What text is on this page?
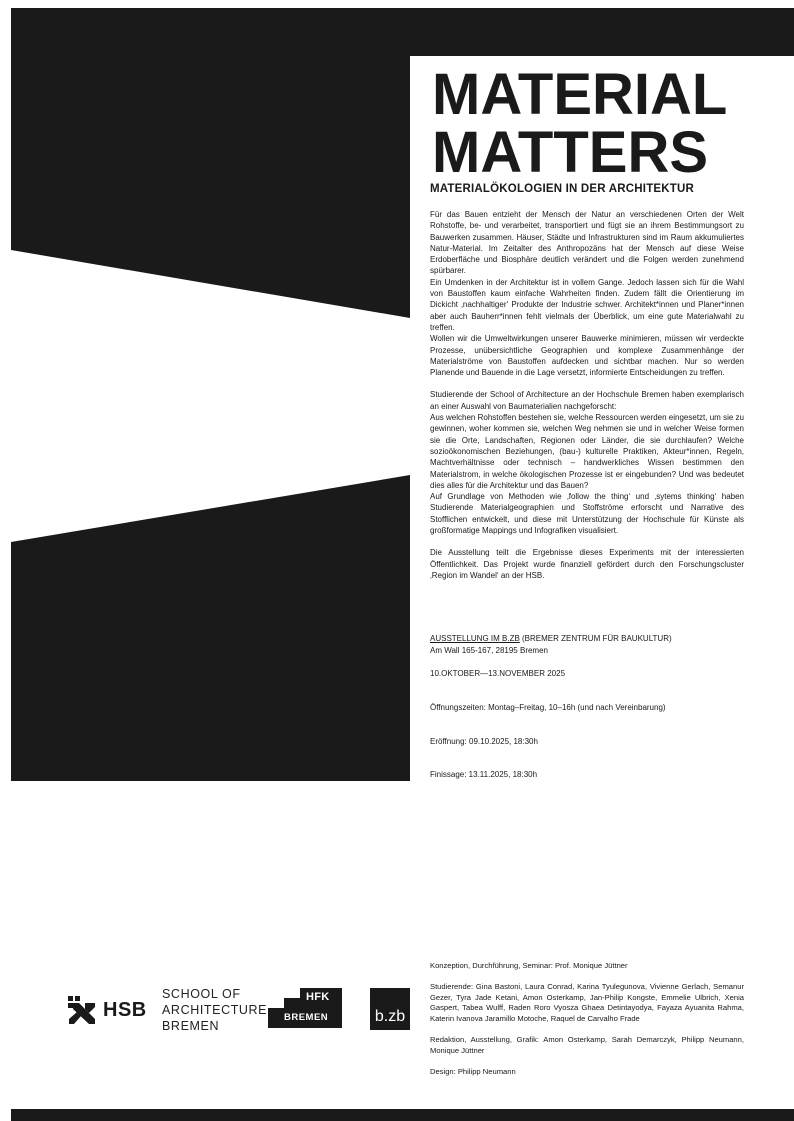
MATERIAL
MATTERS
MATERIALÖKOLOGIEN IN DER ARCHITEKTUR

Für das Bauen entzieht der Mensch der Natur an verschiedenen Orten der Welt Rohstoffe, be- und verarbeitet, transportiert und fügt sie an ihrem Bestimmungsort zu Bauwerken zusammen. Häuser, Städte und Infrastrukturen sind im Raum akkumuliertes Natur-Material. Im Zeitalter des Anthropozäns hat der Mensch auf diese Weise Erdoberfläche und Biosphäre deutlich verändert und die Folgen werden zunehmend spürbarer.

Ein Umdenken in der Architektur ist in vollem Gange. Jedoch lassen sich für die Wahl von Baustoffen kaum einfache Wahrheiten finden. Zudem fällt die Orientierung im Dickicht ‚nachhaltiger‘ Produkte der Industrie schwer. Architekt*innen und Planer*innen aber auch Bauherr*innen fehlt vielmals der Überblick, um eine gute Materialwahl zu treffen.

Wollen wir die Umweltwirkungen unserer Bauwerke minimieren, müssen wir verdeckte Prozesse, unübersichtliche Geographien und komplexe Zusammenhänge der Materialströme von Baustoffen aufdecken und sichtbar machen. Nur so werden Planende und Bauende in die Lage versetzt, informierte Entscheidungen zu treffen.

Studierende der School of Architecture an der Hochschule Bremen haben exemplarisch an einer Auswahl von Baumaterialien nachgeforscht:

Aus welchen Rohstoffen bestehen sie, welche Ressourcen werden eingesetzt, um sie zu gewinnen, woher kommen sie, welchen Weg nehmen sie und in welcher Weise formen sie die Orte, Landschaften, Regionen oder Länder, die sie durchlaufen? Welche sozioökonomischen Beziehungen, (bau-) kulturelle Praktiken, Akteur*innen, Regeln, Machtverhältnisse oder technisch – handwerkliches Wissen bestimmen den Materialstrom, in welche ökologischen Prozesse ist er eingebunden? Und was bedeutet dies alles für die Architektur und das Bauen?

Auf Grundlage von Methoden wie ‚follow the thing‘ und ‚sytems thinking‘ haben Studierende Materialgeographien und Stoffströme erforscht und Narrative des Stofflichen entwickelt, und diese mit Unterstützung der Hochschule für Künste als großformatige Mappings und Infografiken visualisiert.

Die Ausstellung teilt die Ergebnisse dieses Experiments mit der interessierten Öffentlichkeit. Das Projekt wurde finanziell gefördert durch den Forschungscluster ‚Region im Wandel‘ an der HSB.

AUSSTELLUNG IM B.ZB (BREMER ZENTRUM FÜR BAUKULTUR)
Am Wall 165-167, 28195 Bremen
10.OKTOBER—13.NOVEMBER 2025
Öffnungszeiten: Montag–Freitag, 10–16h (und nach Vereinbarung)
Eröffnung: 09.10.2025, 18:30h
Finissage: 13.11.2025, 18:30h

Konzeption, Durchführung, Seminar: Prof. Monique Jüttner

Studierende: Gina Bastoni, Laura Conrad, Karina Tyulegunova, Vivienne Gerlach, Semanur Gezer, Tyra Jade Ketani, Amon Osterkamp, Jan-Philip Kongste, Emmelie Ulbrich, Xenia Gaspert, Tabea Wulff, Raden Roro Vyosza Ghaea Detintayodya, Fayaza Ayuanita Rahma, Katerin Ivanova Jaramillo Motoche, Raquel de Carvalho Frade

Redaktion, Ausstellung, Grafik: Amon Osterkamp, Sarah Demarczyk, Philipp Neumann, Monique Jüttner

Design: Philipp Neumann

HSB
SCHOOL OF
ARCHITECTURE
BREMEN
HFK
BREMEN	b.zb
